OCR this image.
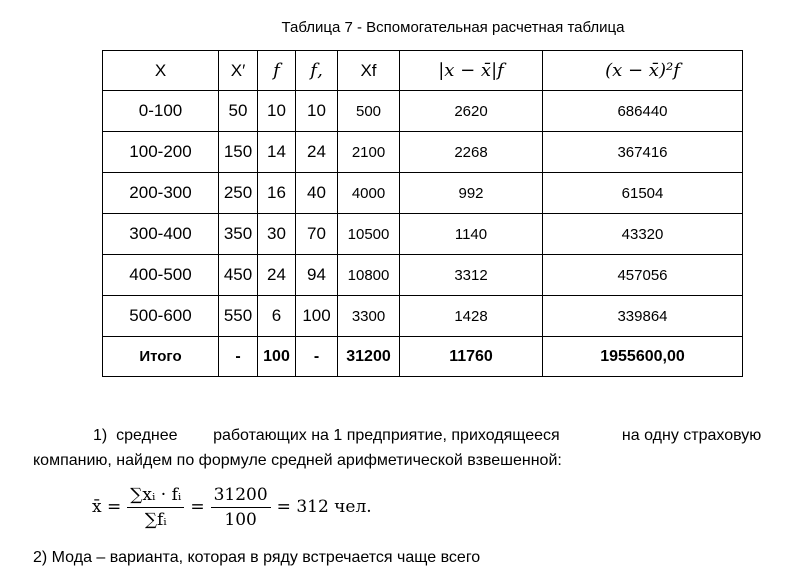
Таблица 7 - Вспомогательная расчетная таблица
X	X′	f	f‚	Xf	|x − x̄|f	(x − x̄)²f
0-100	50	10	10	500	2620	686440
100-200	150	14	24	2100	2268	367416
200-300	250	16	40	4000	992	61504
300-400	350	30	70	10500	1140	43320
400-500	450	24	94	10800	3312	457056
500-600	550	6	100	3300	1428	339864
Итого	-	100	-	31200	11760	1955600,00
1)  среднее        работающих на 1 предприятие, приходящееся              на одну страховую
компанию, найдем по формуле средней арифметической взвешенной:
x̄ = $\frac{\text{∑xᵢ · fᵢ}}{\text{∑fᵢ}} = \frac{31200}{100} = 312$ чел.
2) Мода – варианта, которая в ряду встречается чаще всего
